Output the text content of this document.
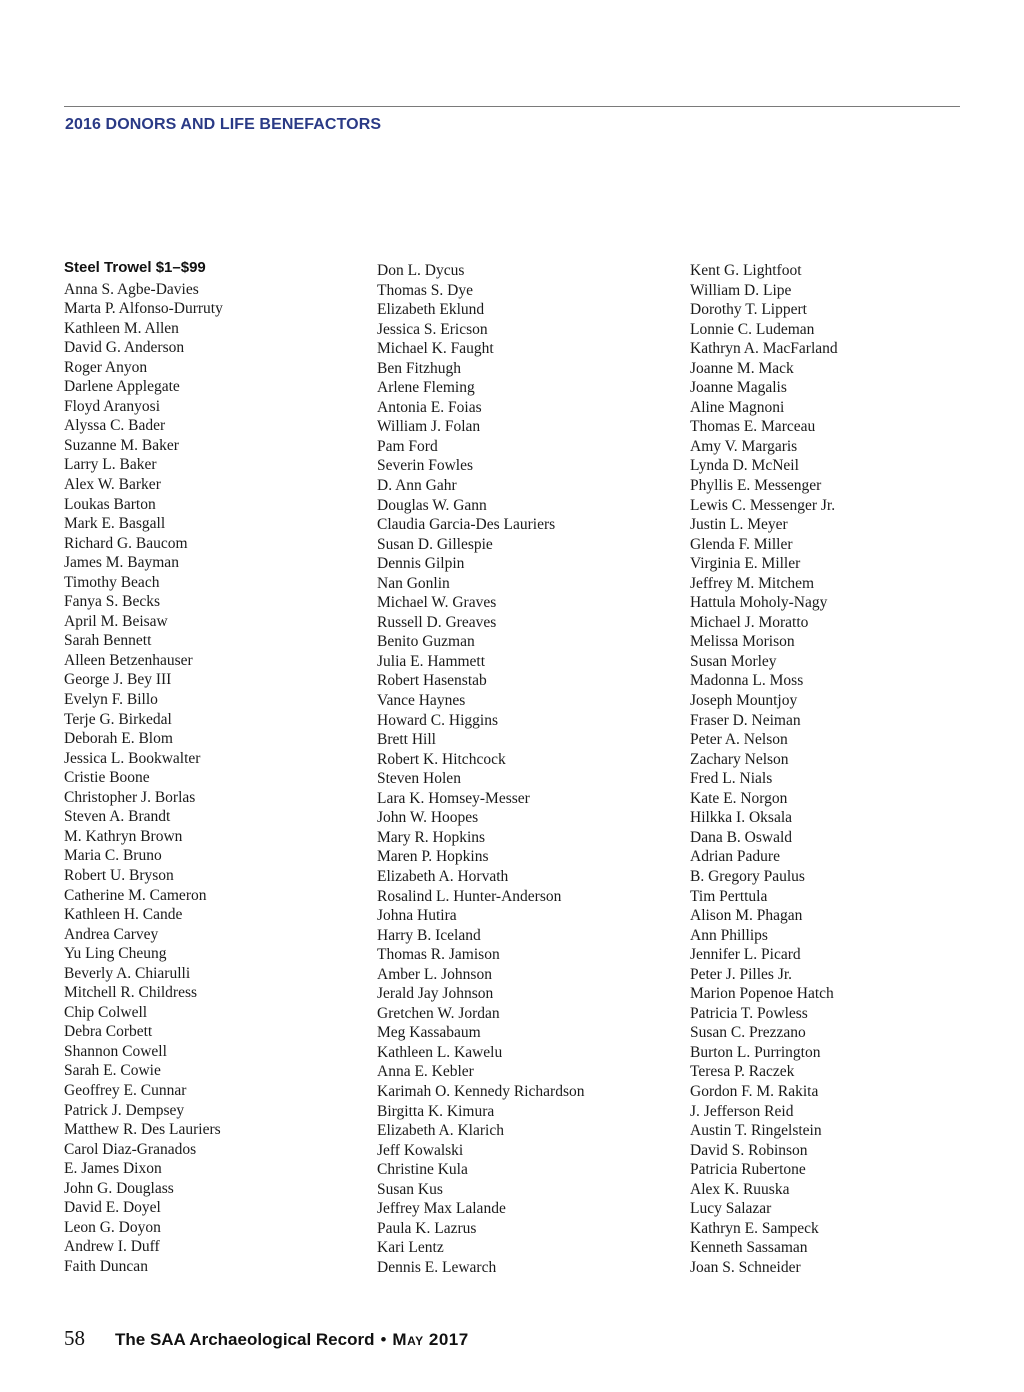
2016 DONORS AND LIFE BENEFACTORS
Steel Trowel $1–$99
Anna S. Agbe-Davies
Marta P. Alfonso-Durruty
Kathleen M. Allen
David G. Anderson
Roger Anyon
Darlene Applegate
Floyd Aranyosi
Alyssa C. Bader
Suzanne M. Baker
Larry L. Baker
Alex W. Barker
Loukas Barton
Mark E. Basgall
Richard G. Baucom
James M. Bayman
Timothy Beach
Fanya S. Becks
April M. Beisaw
Sarah Bennett
Alleen Betzenhauser
George J. Bey III
Evelyn F. Billo
Terje G. Birkedal
Deborah E. Blom
Jessica L. Bookwalter
Cristie Boone
Christopher J. Borlas
Steven A. Brandt
M. Kathryn Brown
Maria C. Bruno
Robert U. Bryson
Catherine M. Cameron
Kathleen H. Cande
Andrea Carvey
Yu Ling Cheung
Beverly A. Chiarulli
Mitchell R. Childress
Chip Colwell
Debra Corbett
Shannon Cowell
Sarah E. Cowie
Geoffrey E. Cunnar
Patrick J. Dempsey
Matthew R. Des Lauriers
Carol Diaz-Granados
E. James Dixon
John G. Douglass
David E. Doyel
Leon G. Doyon
Andrew I. Duff
Faith Duncan
Don L. Dycus
Thomas S. Dye
Elizabeth Eklund
Jessica S. Ericson
Michael K. Faught
Ben Fitzhugh
Arlene Fleming
Antonia E. Foias
William J. Folan
Pam Ford
Severin Fowles
D. Ann Gahr
Douglas W. Gann
Claudia Garcia-Des Lauriers
Susan D. Gillespie
Dennis Gilpin
Nan Gonlin
Michael W. Graves
Russell D. Greaves
Benito Guzman
Julia E. Hammett
Robert Hasenstab
Vance Haynes
Howard C. Higgins
Brett Hill
Robert K. Hitchcock
Steven Holen
Lara K. Homsey-Messer
John W. Hoopes
Mary R. Hopkins
Maren P. Hopkins
Elizabeth A. Horvath
Rosalind L. Hunter-Anderson
Johna Hutira
Harry B. Iceland
Thomas R. Jamison
Amber L. Johnson
Jerald Jay Johnson
Gretchen W. Jordan
Meg Kassabaum
Kathleen L. Kawelu
Anna E. Kebler
Karimah O. Kennedy Richardson
Birgitta K. Kimura
Elizabeth A. Klarich
Jeff Kowalski
Christine Kula
Susan Kus
Jeffrey Max Lalande
Paula K. Lazrus
Kari Lentz
Dennis E. Lewarch
Kent G. Lightfoot
William D. Lipe
Dorothy T. Lippert
Lonnie C. Ludeman
Kathryn A. MacFarland
Joanne M. Mack
Joanne Magalis
Aline Magnoni
Thomas E. Marceau
Amy V. Margaris
Lynda D. McNeil
Phyllis E. Messenger
Lewis C. Messenger Jr.
Justin L. Meyer
Glenda F. Miller
Virginia E. Miller
Jeffrey M. Mitchem
Hattula Moholy-Nagy
Michael J. Moratto
Melissa Morison
Susan Morley
Madonna L. Moss
Joseph Mountjoy
Fraser D. Neiman
Peter A. Nelson
Zachary Nelson
Fred L. Nials
Kate E. Norgon
Hilkka I. Oksala
Dana B. Oswald
Adrian Padure
B. Gregory Paulus
Tim Perttula
Alison M. Phagan
Ann Phillips
Jennifer L. Picard
Peter J. Pilles Jr.
Marion Popenoe Hatch
Patricia T. Powless
Susan C. Prezzano
Burton L. Purrington
Teresa P. Raczek
Gordon F. M. Rakita
J. Jefferson Reid
Austin T. Ringelstein
David S. Robinson
Patricia Rubertone
Alex K. Ruuska
Lucy Salazar
Kathryn E. Sampeck
Kenneth Sassaman
Joan S. Schneider
58 The SAA Archaeological Record • May 2017
